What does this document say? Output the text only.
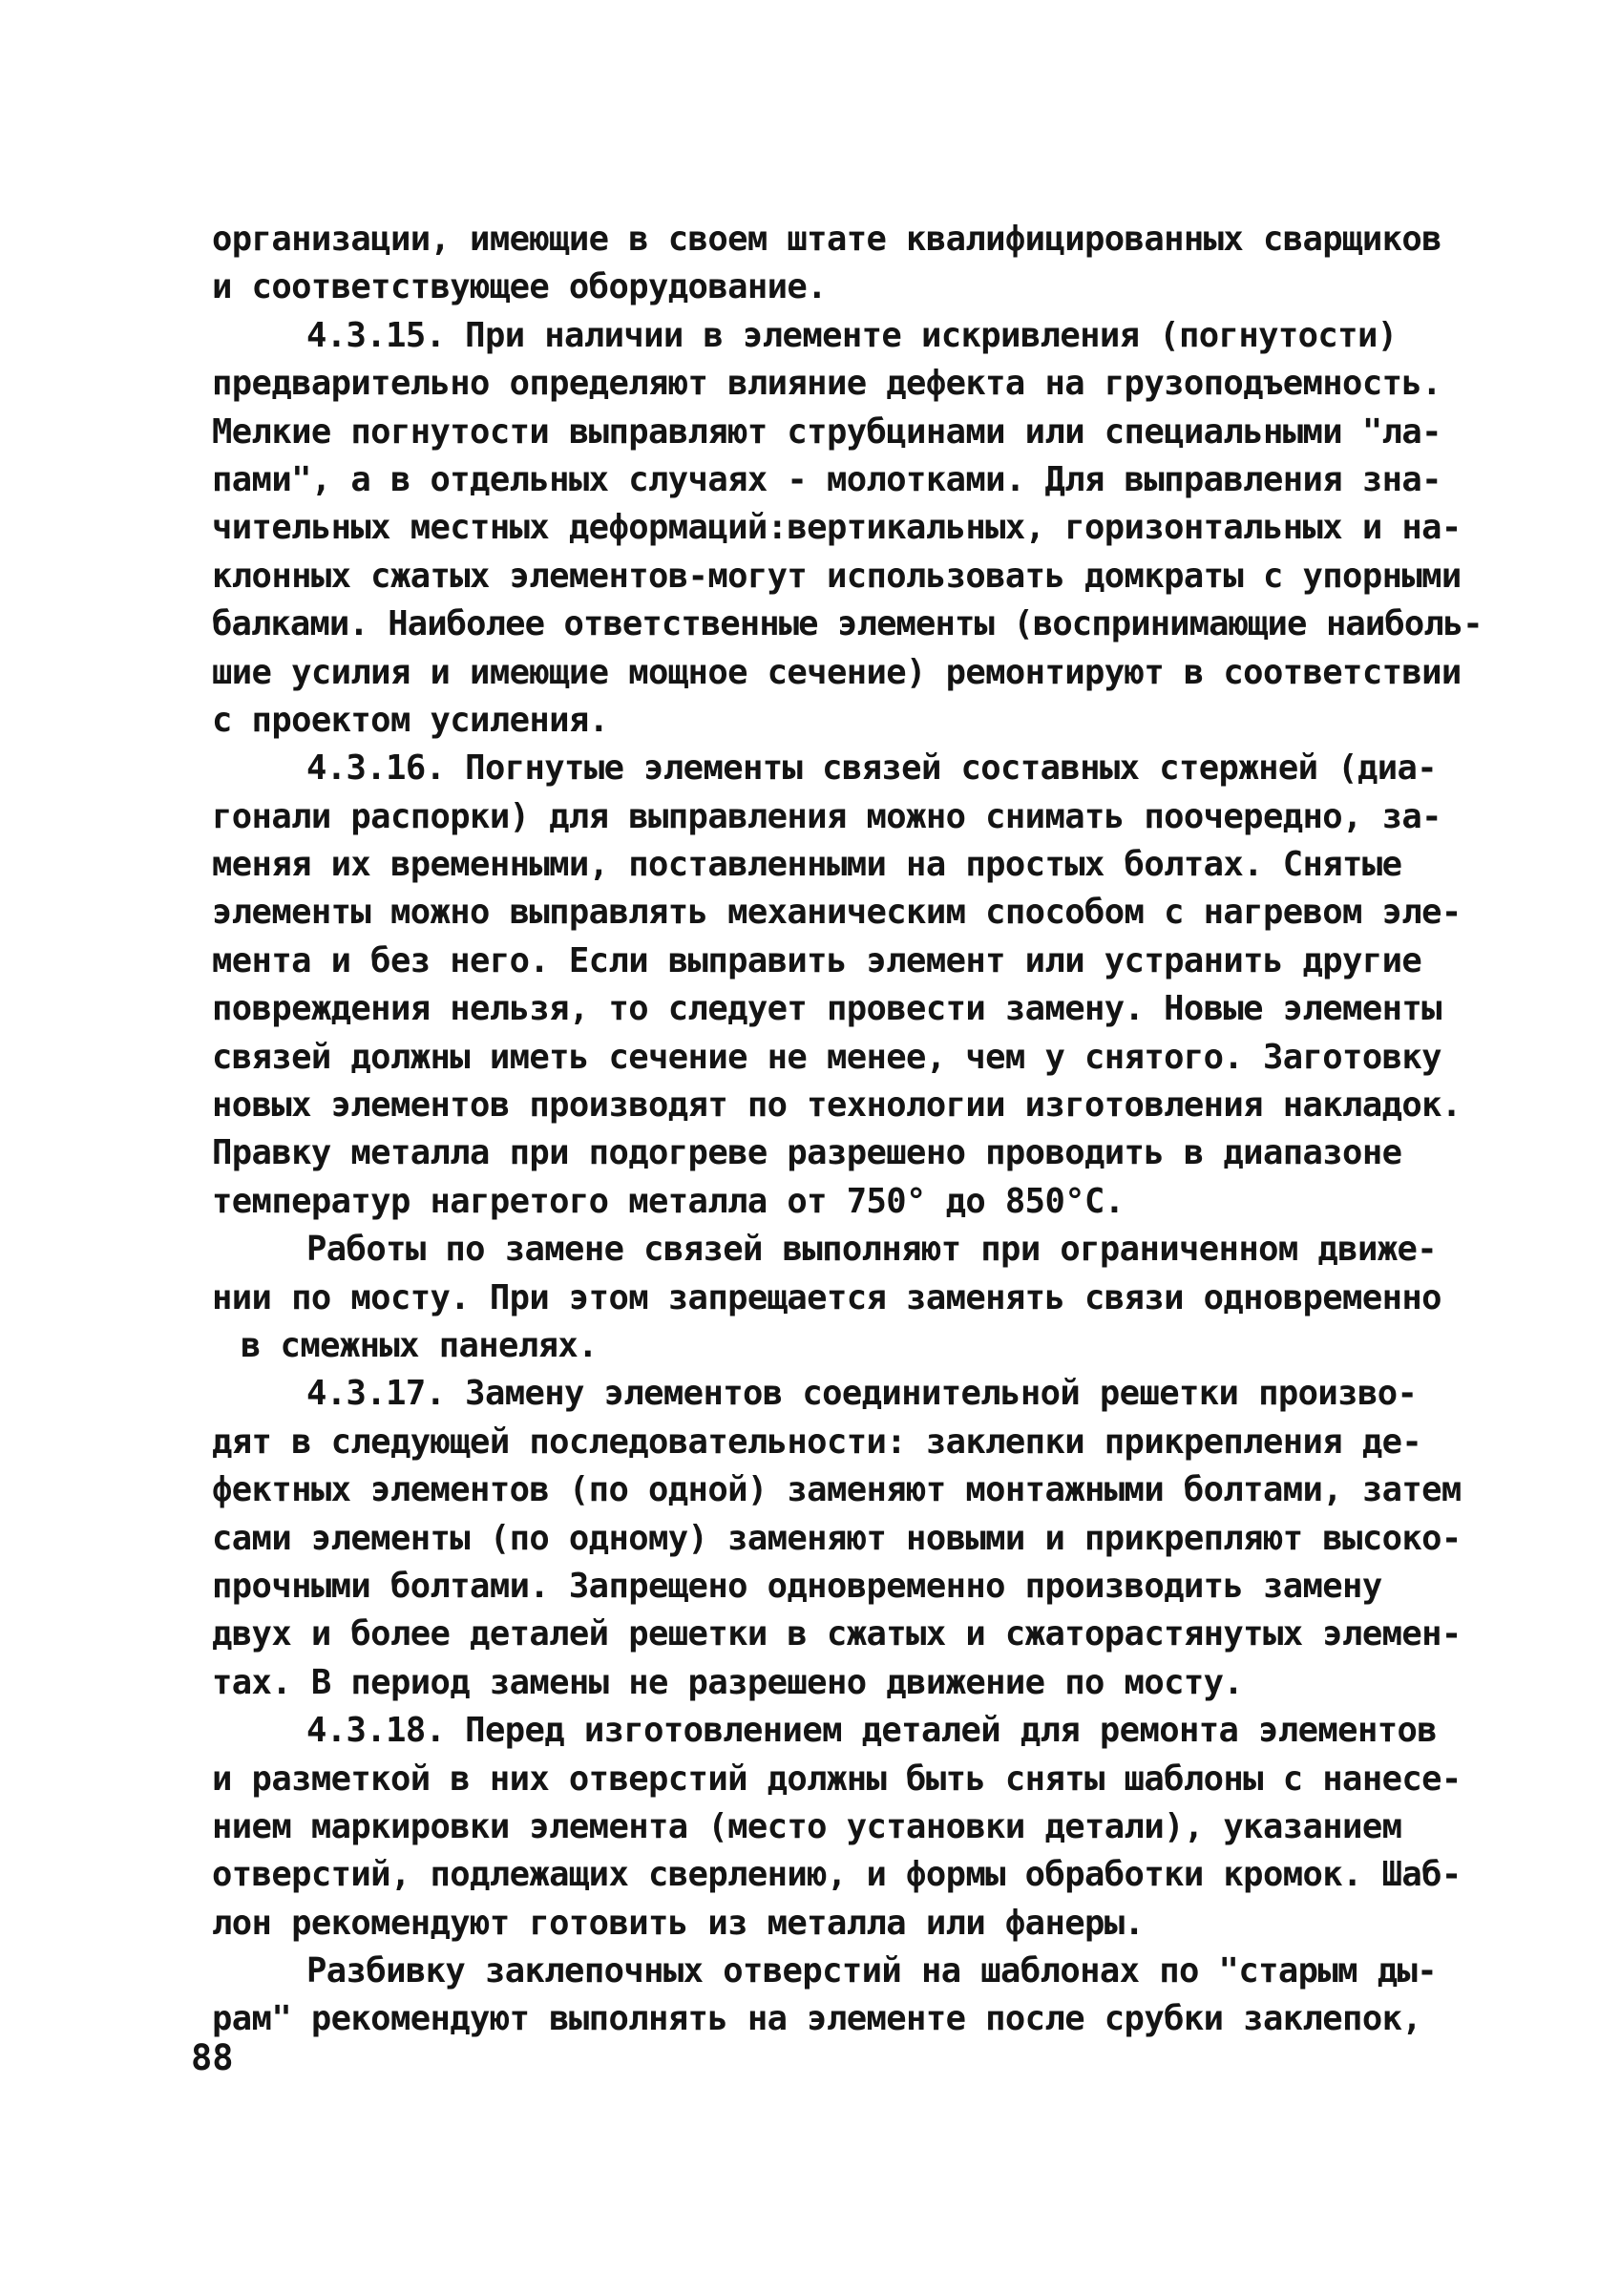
организации, имеющие в своем штате квалифицированных сварщиков
и соответствующее оборудование.
4.3.15. При наличии в элементе искривления (погнутости)
предварительно определяют влияние дефекта на грузоподъемность.
Мелкие погнутости выправляют струбцинами или специальными "ла-
пами", а в отдельных случаях - молотками. Для выправления зна-
чительных местных деформаций:вертикальных, горизонтальных и на-
клонных сжатых элементов-могут использовать домкраты с упорными
балками. Наиболее ответственные элементы (воспринимающие наиболь-
шие усилия и имеющие мощное сечение) ремонтируют в соответствии
с проектом усиления.
4.3.16. Погнутые элементы связей составных стержней (диа-
гонали распорки) для выправления можно снимать поочередно, за-
меняя их временными, поставленными на простых болтах. Снятые
элементы можно выправлять механическим способом с нагревом эле-
мента и без него. Если выправить элемент или устранить другие
повреждения нельзя, то следует провести замену. Новые элементы
связей должны иметь сечение не менее, чем у снятого. Заготовку
новых элементов производят по технологии изготовления накладок.
Правку металла при подогреве разрешено проводить в диапазоне
температур нагретого металла от 750° до 850°С.
Работы по замене связей выполняют при ограниченном движе-
нии по мосту. При этом запрещается заменять связи одновременно
в смежных панелях.
4.3.17. Замену элементов соединительной решетки произво-
дят в следующей последовательности: заклепки прикрепления де-
фектных элементов (по одной) заменяют монтажными болтами, затем
сами элементы (по одному) заменяют новыми и прикрепляют высоко-
прочными болтами. Запрещено одновременно производить замену
двух и более деталей решетки в сжатых и сжаторастянутых элемен-
тах. В период замены не разрешено движение по мосту.
4.3.18. Перед изготовлением деталей для ремонта элементов
и разметкой в них отверстий должны быть сняты шаблоны с нанесе-
нием маркировки элемента (место установки детали), указанием
отверстий, подлежащих сверлению, и формы обработки кромок. Шаб-
лон рекомендуют готовить из металла или фанеры.
Разбивку заклепочных отверстий на шаблонах по "старым ды-
рам" рекомендуют выполнять на элементе после срубки заклепок,
88
